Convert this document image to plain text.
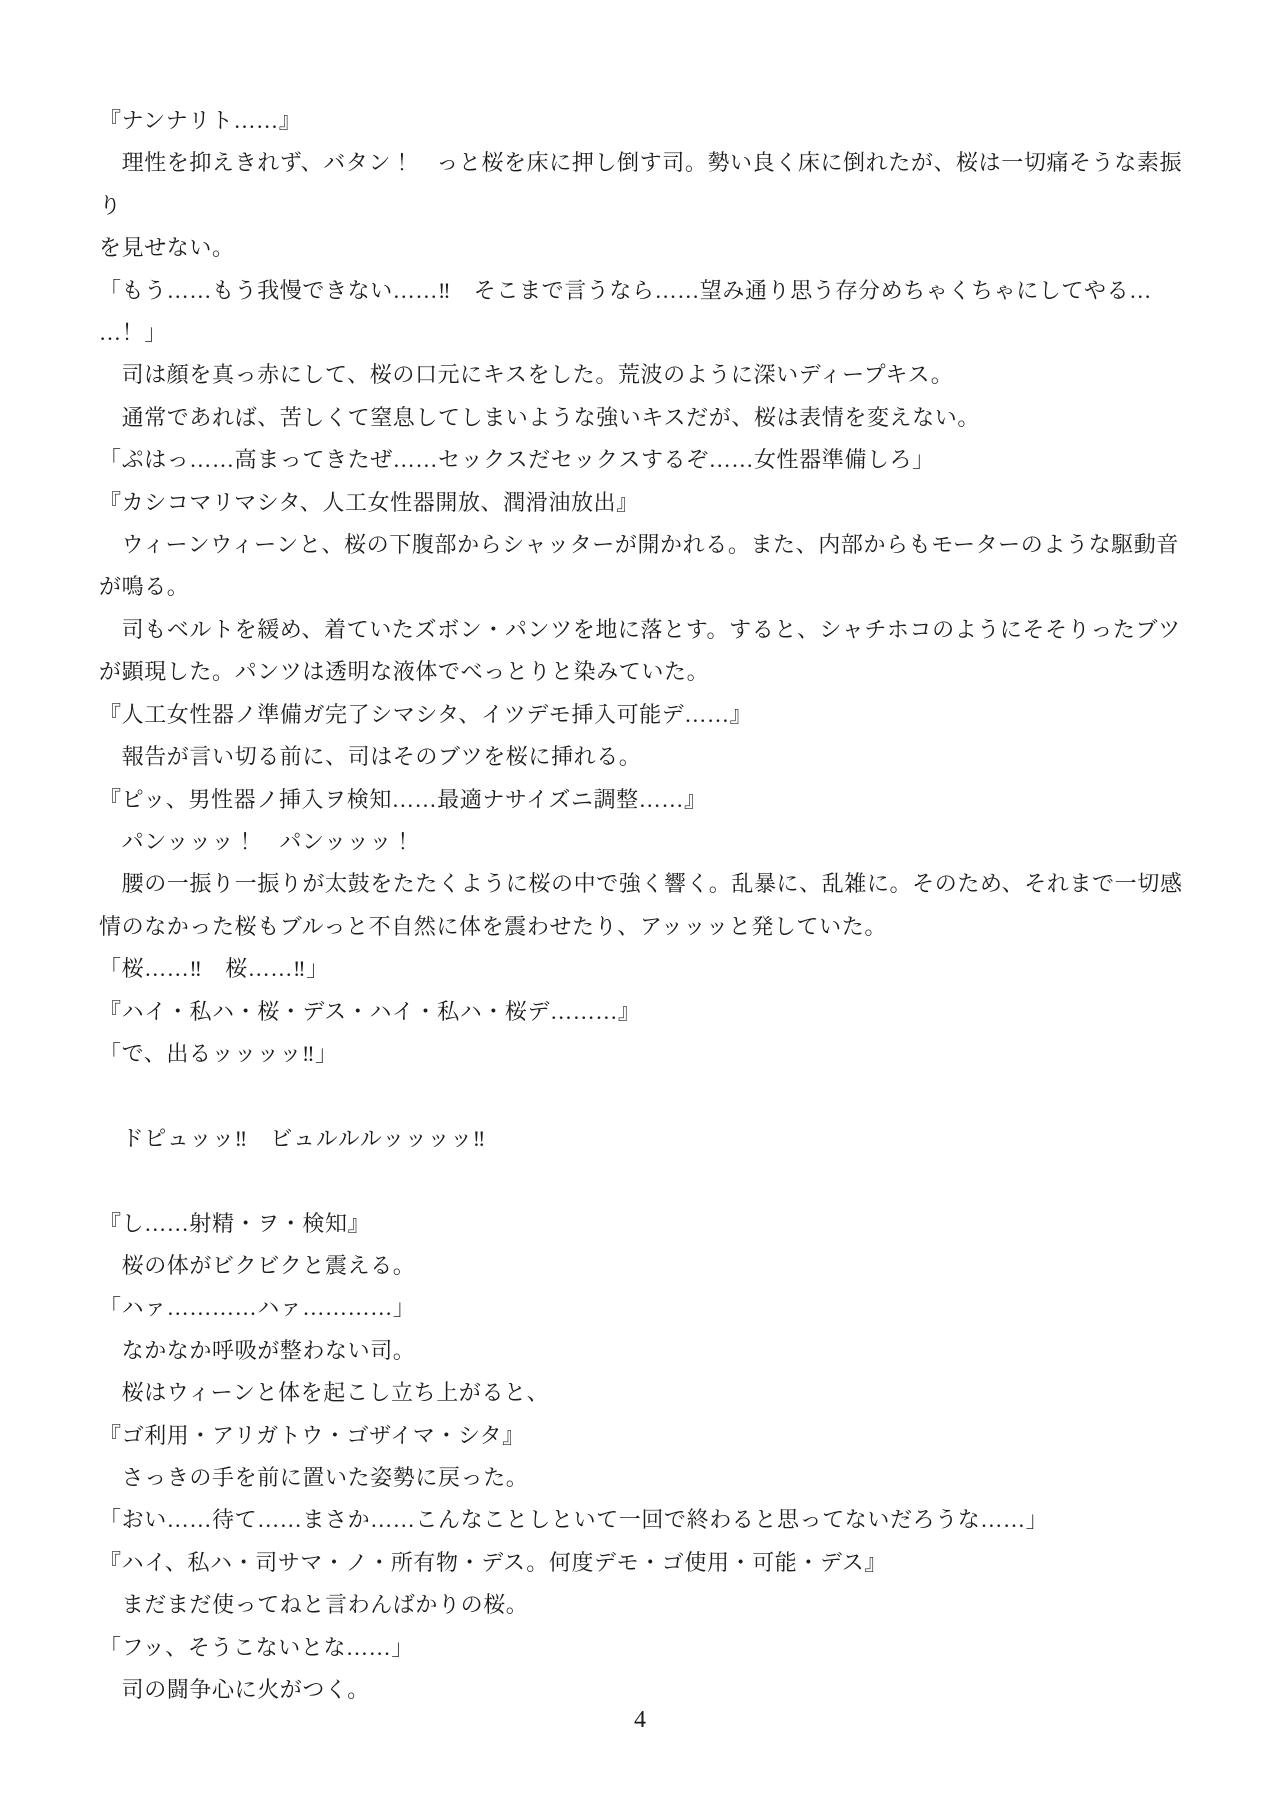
『ナンナリト……』
　理性を抑えきれず、バタン！　っと桜を床に押し倒す司。勢い良く床に倒れたが、桜は一切痛そうな素振り
を見せない。
「もう……もう我慢できない……‼　そこまで言うなら……望み通り思う存分めちゃくちゃにしてやる…
…！」
　司は顔を真っ赤にして、桜の口元にキスをした。荒波のように深いディープキス。
　通常であれば、苦しくて窒息してしまいような強いキスだが、桜は表情を変えない。
「ぷはっ……高まってきたぜ……セックスだセックスするぞ……女性器準備しろ」
『カシコマリマシタ、人工女性器開放、潤滑油放出』
　ウィーンウィーンと、桜の下腹部からシャッターが開かれる。また、内部からもモーターのような駆動音
が鳴る。
　司もベルトを緩め、着ていたズボン・パンツを地に落とす。すると、シャチホコのようにそそりったブツ
が顕現した。パンツは透明な液体でべっとりと染みていた。
『人工女性器ノ準備ガ完了シマシタ、イツデモ挿入可能デ……』
　報告が言い切る前に、司はそのブツを桜に挿れる。
『ピッ、男性器ノ挿入ヲ検知……最適ナサイズニ調整……』
　パンッッッ！　パンッッッ！
　腰の一振り一振りが太鼓をたたくように桜の中で強く響く。乱暴に、乱雑に。そのため、それまで一切感
情のなかった桜もブルっと不自然に体を震わせたり、アッッッと発していた。
「桜……‼　桜……‼」
『ハイ・私ハ・桜・デス・ハイ・私ハ・桜デ………』
「で、出るッッッッ‼」

　ドピュッッ‼　ビュルルルッッッッ‼

『し……射精・ヲ・検知』
　桜の体がビクビクと震える。
「ハァ…………ハァ…………」
　なかなか呼吸が整わない司。
　桜はウィーンと体を起こし立ち上がると、
『ゴ利用・アリガトウ・ゴザイマ・シタ』
　さっきの手を前に置いた姿勢に戻った。
「おい……待て……まさか……こんなことしといて一回で終わると思ってないだろうな……」
『ハイ、私ハ・司サマ・ノ・所有物・デス。何度デモ・ゴ使用・可能・デス』
　まだまだ使ってねと言わんばかりの桜。
「フッ、そうこないとな……」
　司の闘争心に火がつく。
4
